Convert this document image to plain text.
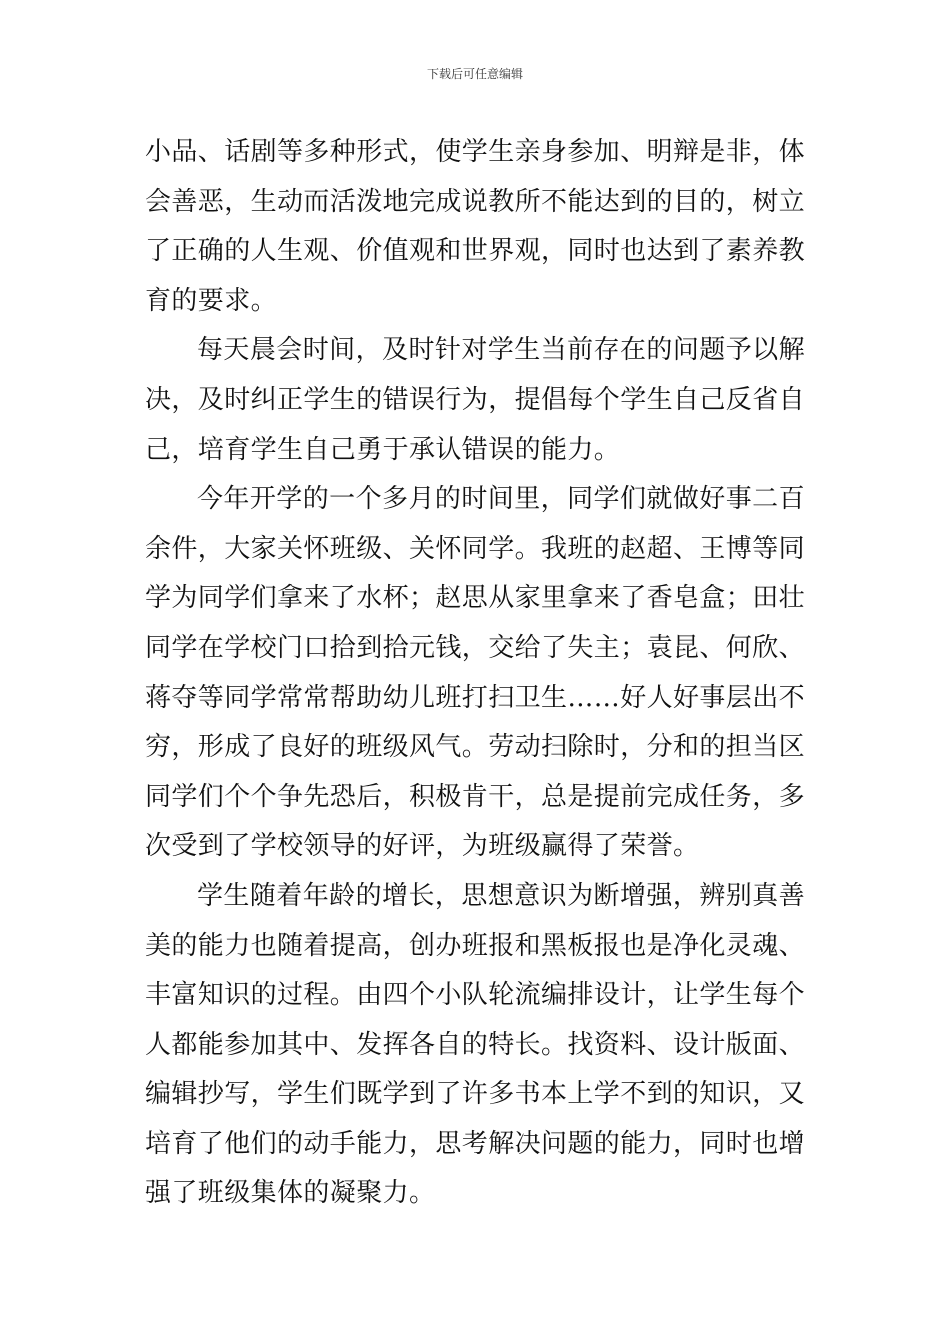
下载后可任意编辑

小品、话剧等多种形式，使学生亲身参加、明辩是非，体会善恶，生动而活泼地完成说教所不能达到的目的，树立了正确的人生观、价值观和世界观，同时也达到了素养教育的要求。

每天晨会时间，及时针对学生当前存在的问题予以解决，及时纠正学生的错误行为，提倡每个学生自己反省自己，培育学生自己勇于承认错误的能力。

今年开学的一个多月的时间里，同学们就做好事二百余件，大家关怀班级、关怀同学。我班的赵超、王博等同学为同学们拿来了水杯；赵思从家里拿来了香皂盒；田壮同学在学校门口拾到拾元钱，交给了失主；袁昆、何欣、蒋夺等同学常常帮助幼儿班打扫卫生……好人好事层出不穷，形成了良好的班级风气。劳动扫除时，分和的担当区同学们个个争先恐后，积极肯干，总是提前完成任务，多次受到了学校领导的好评，为班级赢得了荣誉。

学生随着年龄的增长，思想意识为断增强，辨别真善美的能力也随着提高，创办班报和黑板报也是净化灵魂、丰富知识的过程。由四个小队轮流编排设计，让学生每个人都能参加其中、发挥各自的特长。找资料、设计版面、编辑抄写，学生们既学到了许多书本上学不到的知识，又培育了他们的动手能力，思考解决问题的能力，同时也增强了班级集体的凝聚力。
